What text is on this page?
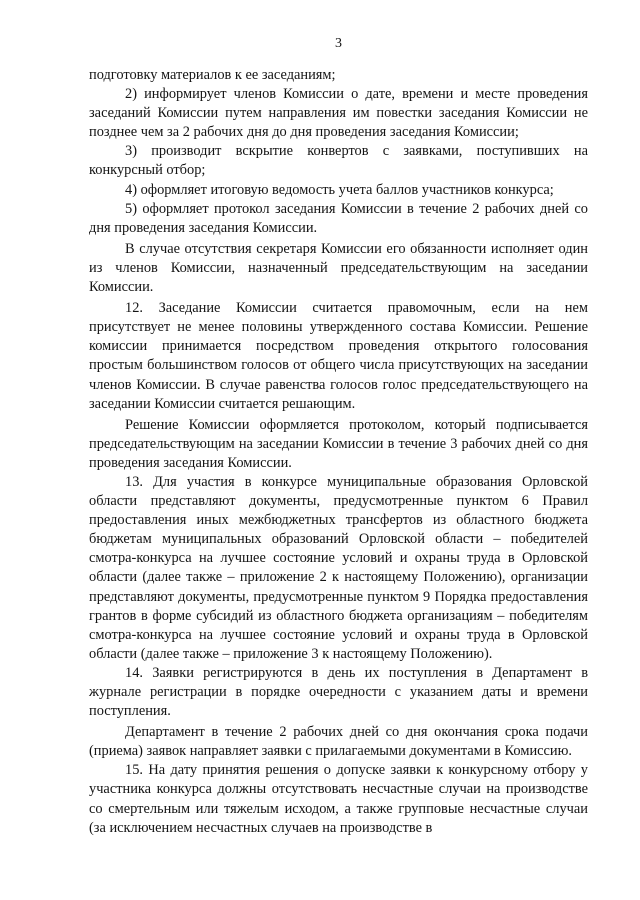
3

подготовку материалов к ее заседаниям;

2) информирует членов Комиссии о дате, времени и месте проведения заседаний Комиссии путем направления им повестки заседания Комиссии не позднее чем за 2 рабочих дня до дня проведения заседания Комиссии;

3) производит вскрытие конвертов с заявками, поступивших на конкурсный отбор;

4) оформляет итоговую ведомость учета баллов участников конкурса;

5) оформляет протокол заседания Комиссии в течение 2 рабочих дней со дня проведения заседания Комиссии.

В случае отсутствия секретаря Комиссии его обязанности исполняет один из членов Комиссии, назначенный председательствующим на заседании Комиссии.

12. Заседание Комиссии считается правомочным, если на нем присутствует не менее половины утвержденного состава Комиссии. Решение комиссии принимается посредством проведения открытого голосования простым большинством голосов от общего числа присутствующих на заседании членов Комиссии. В случае равенства голосов голос председательствующего на заседании Комиссии считается решающим.

Решение Комиссии оформляется протоколом, который подписывается председательствующим на заседании Комиссии в течение 3 рабочих дней со дня проведения заседания Комиссии.

13. Для участия в конкурсе муниципальные образования Орловской области представляют документы, предусмотренные пунктом 6 Правил предоставления иных межбюджетных трансфертов из областного бюджета бюджетам муниципальных образований Орловской области – победителей смотра-конкурса на лучшее состояние условий и охраны труда в Орловской области (далее также – приложение 2 к настоящему Положению), организации представляют документы, предусмотренные пунктом 9 Порядка предоставления грантов в форме субсидий из областного бюджета организациям – победителям смотра-конкурса на лучшее состояние условий и охраны труда в Орловской области (далее также – приложение 3 к настоящему Положению).

14. Заявки регистрируются в день их поступления в Департамент в журнале регистрации в порядке очередности с указанием даты и времени поступления.

Департамент в течение 2 рабочих дней со дня окончания срока подачи (приема) заявок направляет заявки с прилагаемыми документами в Комиссию.

15. На дату принятия решения о допуске заявки к конкурсному отбору у участника конкурса должны отсутствовать несчастные случаи на производстве со смертельным или тяжелым исходом, а также групповые несчастные случаи (за исключением несчастных случаев на производстве в
